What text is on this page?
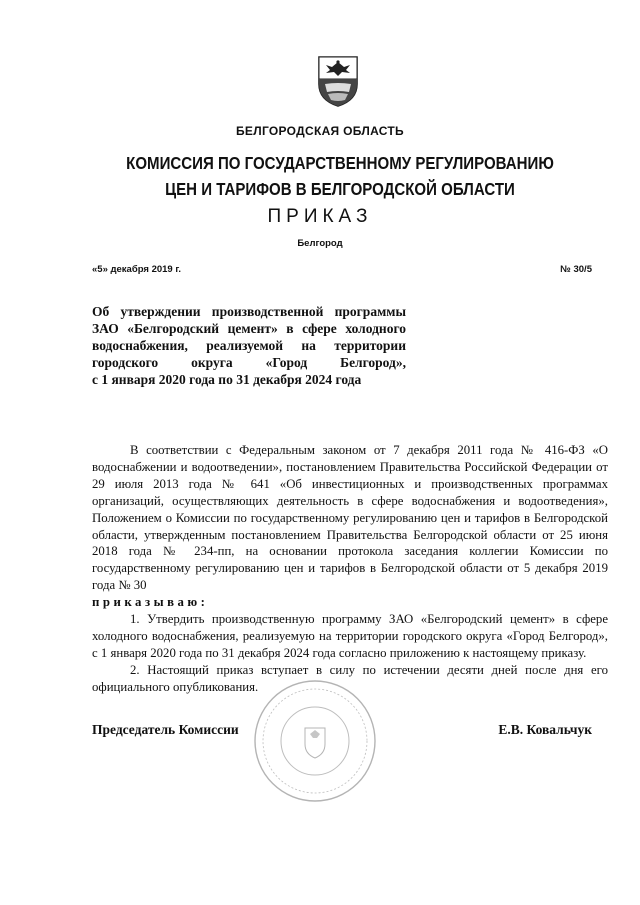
БЕЛГОРОДСКАЯ ОБЛАСТЬ
КОМИССИЯ ПО ГОСУДАРСТВЕННОМУ РЕГУЛИРОВАНИЮ
ЦЕН И ТАРИФОВ В БЕЛГОРОДСКОЙ ОБЛАСТИ
ПРИКАЗ
Белгород
«5» декабря 2019 г.	№ 30/5
Об утверждении производственной программы
ЗАО «Белгородский цемент» в сфере холодного
водоснабжения, реализуемой на территории
городского округа «Город Белгород»,
с 1 января 2020 года по 31 декабря 2024 года

В соответствии с Федеральным законом от 7 декабря 2011 года № 416-ФЗ «О водоснабжении и водоотведении», постановлением Правительства Российской Федерации от 29 июля 2013 года № 641 «Об инвестиционных и производственных программах организаций, осуществляющих деятельность в сфере водоснабжения и водоотведения», Положением о Комиссии по государственному регулированию цен и тарифов в Белгородской области, утвержденным постановлением Правительства Белгородской области от 25 июня 2018 года № 234-пп, на основании протокола заседания коллегии Комиссии по государственному регулированию цен и тарифов в Белгородской области от 5 декабря 2019 года № 30

приказываю:

1. Утвердить производственную программу ЗАО «Белгородский цемент» в сфере холодного водоснабжения, реализуемую на территории городского округа «Город Белгород», с 1 января 2020 года по 31 декабря 2024 года согласно приложению к настоящему приказу.

2. Настоящий приказ вступает в силу по истечении десяти дней после дня его официального опубликования.

Председатель Комиссии	Е.В. Ковальчук
